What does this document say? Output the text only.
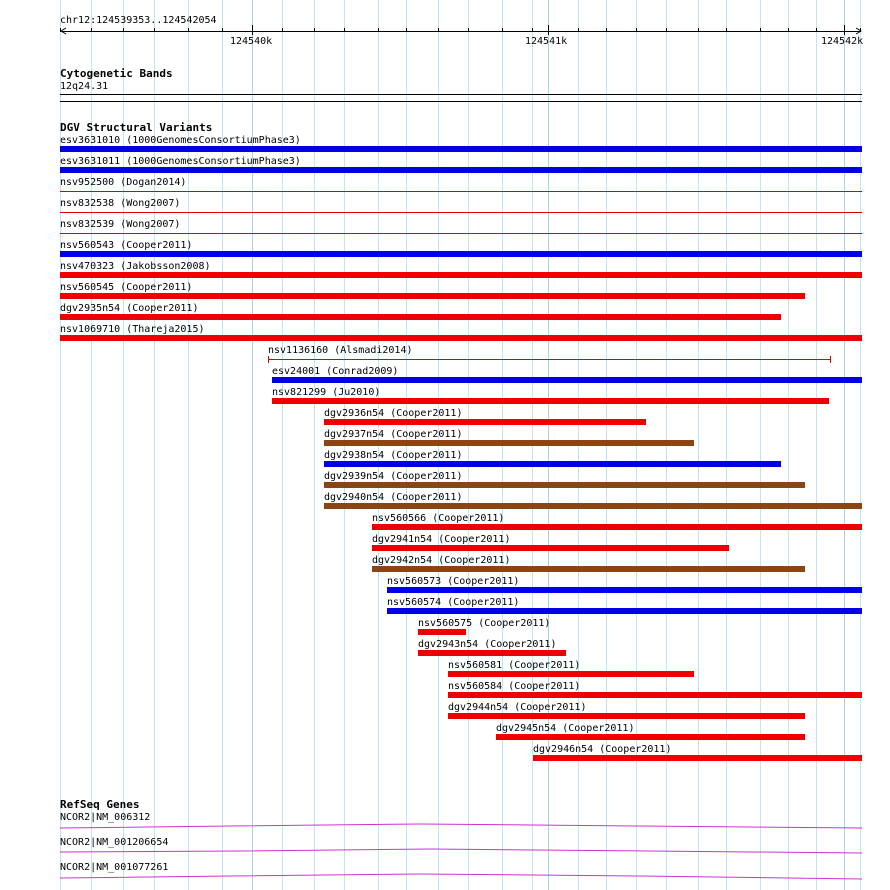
chr12:124539353..124542054
124540k	124541k	124542k
Cytogenetic Bands
12q24.31
DGV Structural Variants
esv3631010 (1000GenomesConsortiumPhase3)
esv3631011 (1000GenomesConsortiumPhase3)
nsv952500 (Dogan2014)
nsv832538 (Wong2007)
nsv832539 (Wong2007)
nsv560543 (Cooper2011)
nsv470323 (Jakobsson2008)
nsv560545 (Cooper2011)
dgv2935n54 (Cooper2011)
nsv1069710 (Thareja2015)
nsv1136160 (Alsmadi2014)
esv24001 (Conrad2009)
nsv821299 (Ju2010)
dgv2936n54 (Cooper2011)
dgv2937n54 (Cooper2011)
dgv2938n54 (Cooper2011)
dgv2939n54 (Cooper2011)
dgv2940n54 (Cooper2011)
nsv560566 (Cooper2011)
dgv2941n54 (Cooper2011)
dgv2942n54 (Cooper2011)
nsv560573 (Cooper2011)
nsv560574 (Cooper2011)
nsv560575 (Cooper2011)
dgv2943n54 (Cooper2011)
nsv560581 (Cooper2011)
nsv560584 (Cooper2011)
dgv2944n54 (Cooper2011)
dgv2945n54 (Cooper2011)
dgv2946n54 (Cooper2011)
RefSeq Genes
NCOR2|NM_006312
NCOR2|NM_001206654
NCOR2|NM_001077261
